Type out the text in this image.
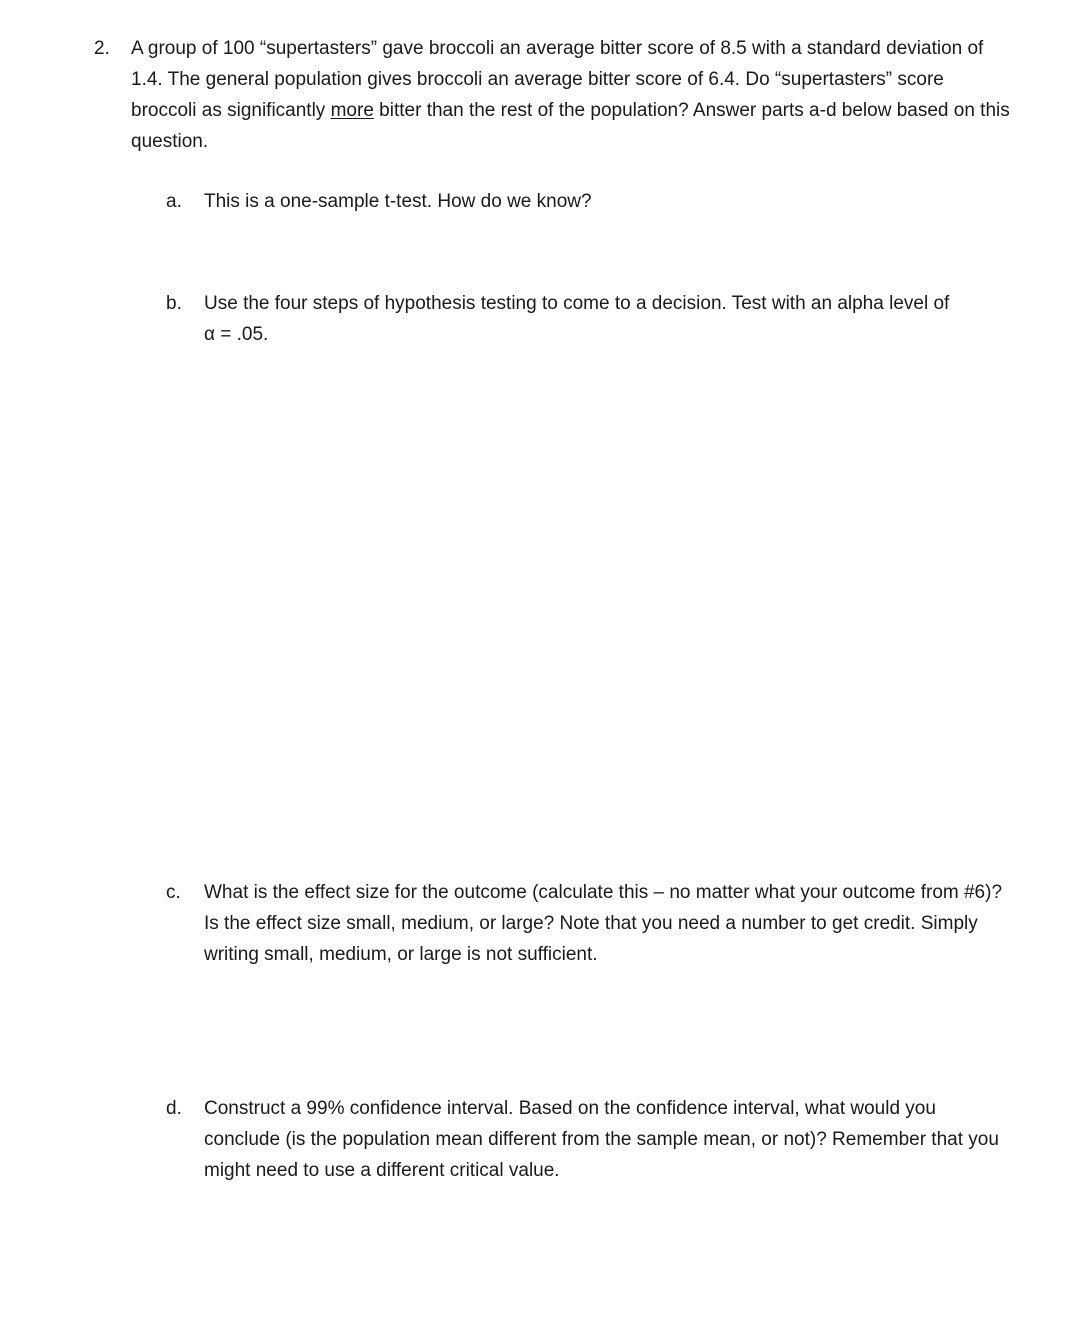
2. A group of 100 “supertasters” gave broccoli an average bitter score of 8.5 with a standard deviation of 1.4. The general population gives broccoli an average bitter score of 6.4. Do “supertasters” score broccoli as significantly more bitter than the rest of the population? Answer parts a-d below based on this question.
a. This is a one-sample t-test. How do we know?
b. Use the four steps of hypothesis testing to come to a decision. Test with an alpha level of
α = .05.
c. What is the effect size for the outcome (calculate this – no matter what your outcome from #6)? Is the effect size small, medium, or large? Note that you need a number to get credit. Simply writing small, medium, or large is not sufficient.
d. Construct a 99% confidence interval. Based on the confidence interval, what would you conclude (is the population mean different from the sample mean, or not)? Remember that you might need to use a different critical value.
